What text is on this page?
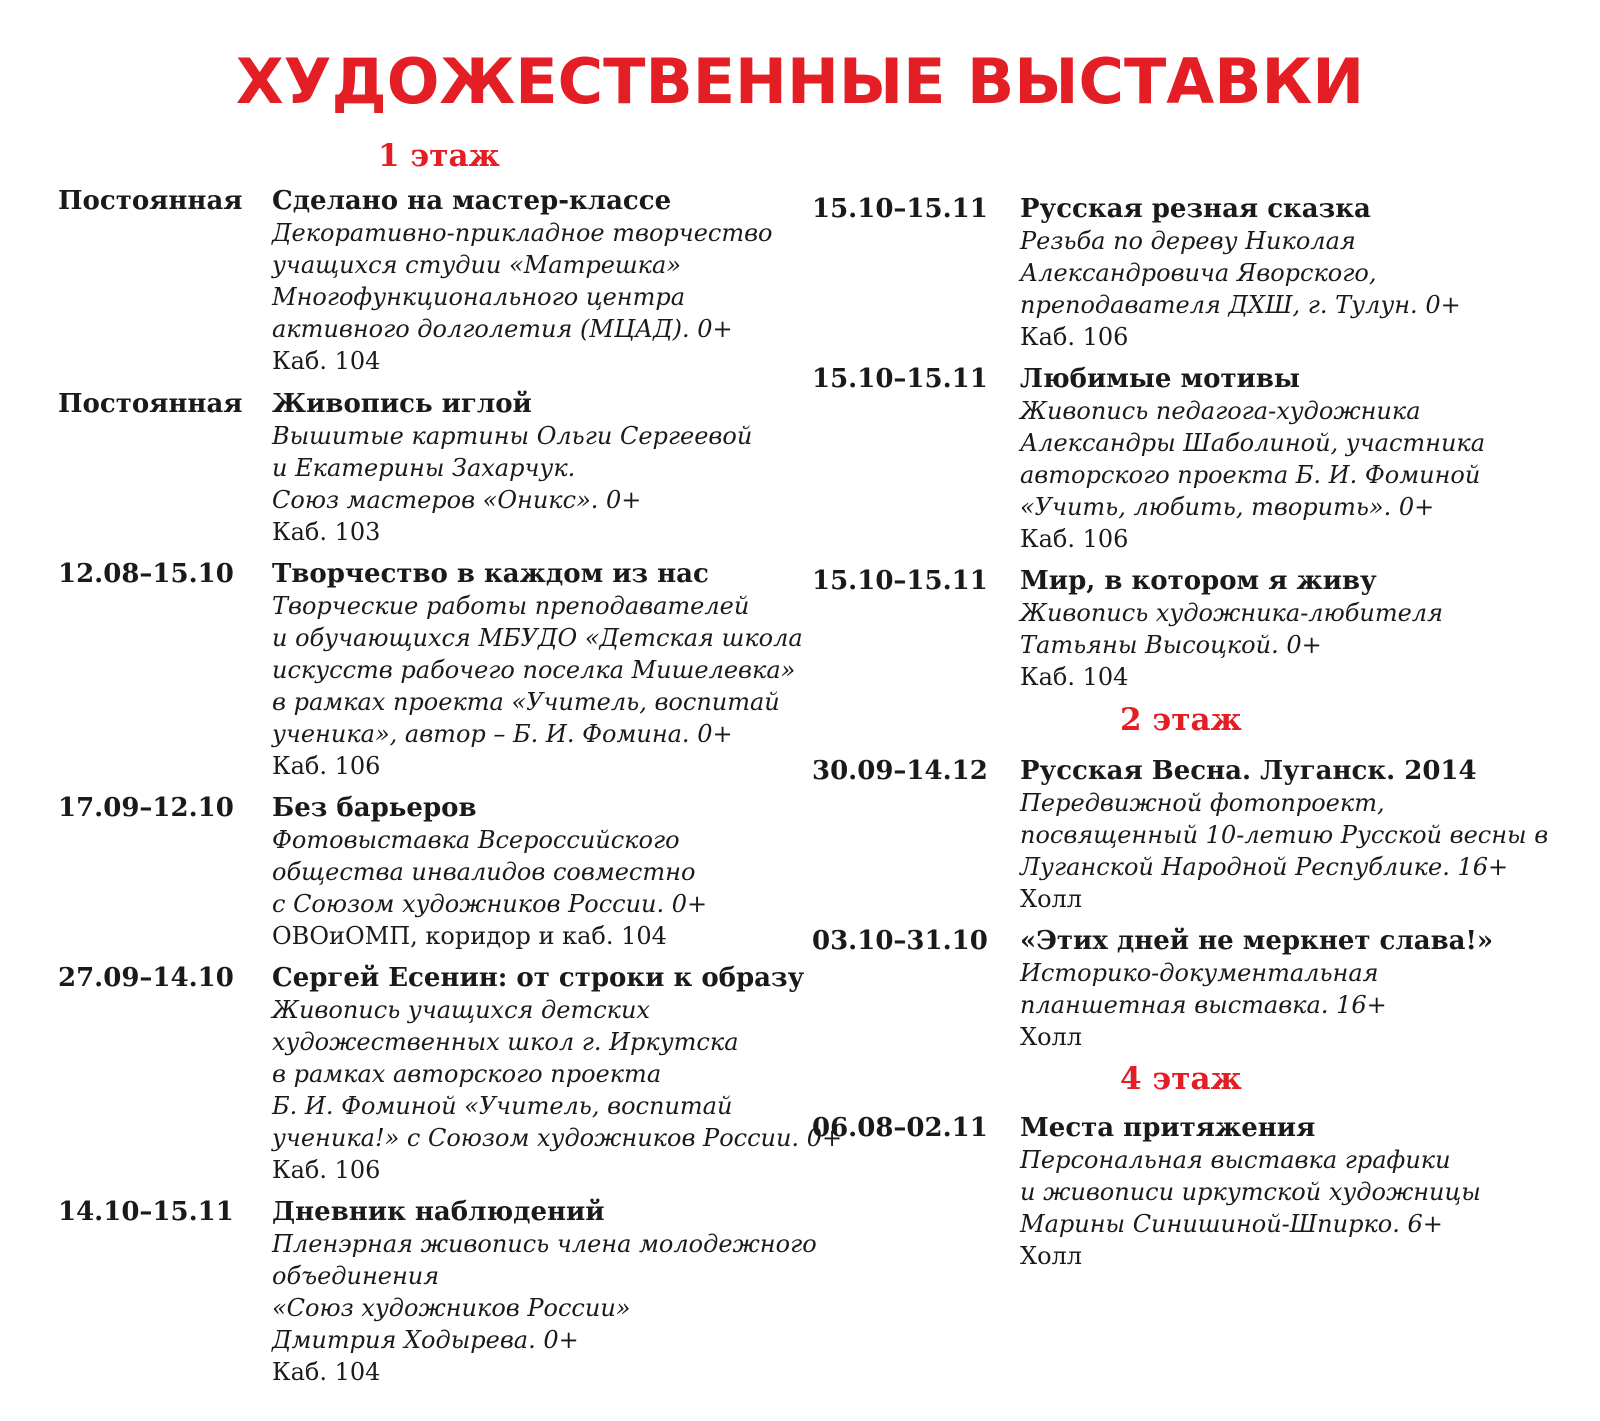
ХУДОЖЕСТВЕННЫЕ ВЫСТАВКИ
1 этаж
2 этаж
4 этаж
Постоянная Сделано на мастер-классе
Декоративно-прикладное творчество
учащихся студии «Матрешка»
Многофункционального центра
активного долголетия (МЦАД). 0+
Каб. 104
Постоянная Живопись иглой
Вышитые картины Ольги Сергеевой
и Екатерины Захарчук.
Союз мастеров «Оникс». 0+
Каб. 103
12.08–15.10 Творчество в каждом из нас
Творческие работы преподавателей
и обучающихся МБУДО «Детская школа
искусств рабочего поселка Мишелевка»
в рамках проекта «Учитель, воспитай
ученика», автор – Б. И. Фомина. 0+
Каб. 106
17.09–12.10 Без барьеров
Фотовыставка Всероссийского
общества инвалидов совместно
с Союзом художников России. 0+
ОВОиОМП, коридор и каб. 104
27.09–14.10 Сергей Есенин: от строки к образу
Живопись учащихся детских
художественных школ г. Иркутска
в рамках авторского проекта
Б. И. Фоминой «Учитель, воспитай
ученика!» с Союзом художников России. 0+
Каб. 106
14.10–15.11 Дневник наблюдений
Пленэрная живопись члена молодежного
объединения
«Союз художников России»
Дмитрия Ходырева. 0+
Каб. 104
15.10–15.11 Русская резная сказка
Резьба по дереву Николая
Александровича Яворского,
преподавателя ДХШ, г. Тулун. 0+
Каб. 106
15.10–15.11 Любимые мотивы
Живопись педагога-художника
Александры Шаболиной, участника
авторского проекта Б. И. Фоминой
«Учить, любить, творить». 0+
Каб. 106
15.10–15.11 Мир, в котором я живу
Живопись художника-любителя
Татьяны Высоцкой. 0+
Каб. 104
30.09–14.12 Русская Весна. Луганск. 2014
Передвижной фотопроект,
посвященный 10-летию Русской весны в
Луганской Народной Республике. 16+
Холл
03.10–31.10 «Этих дней не меркнет слава!»
Историко-документальная
планшетная выставка. 16+
Холл
06.08–02.11 Места притяжения
Персональная выставка графики
и живописи иркутской художницы
Марины Синишиной-Шпирко. 6+
Холл
